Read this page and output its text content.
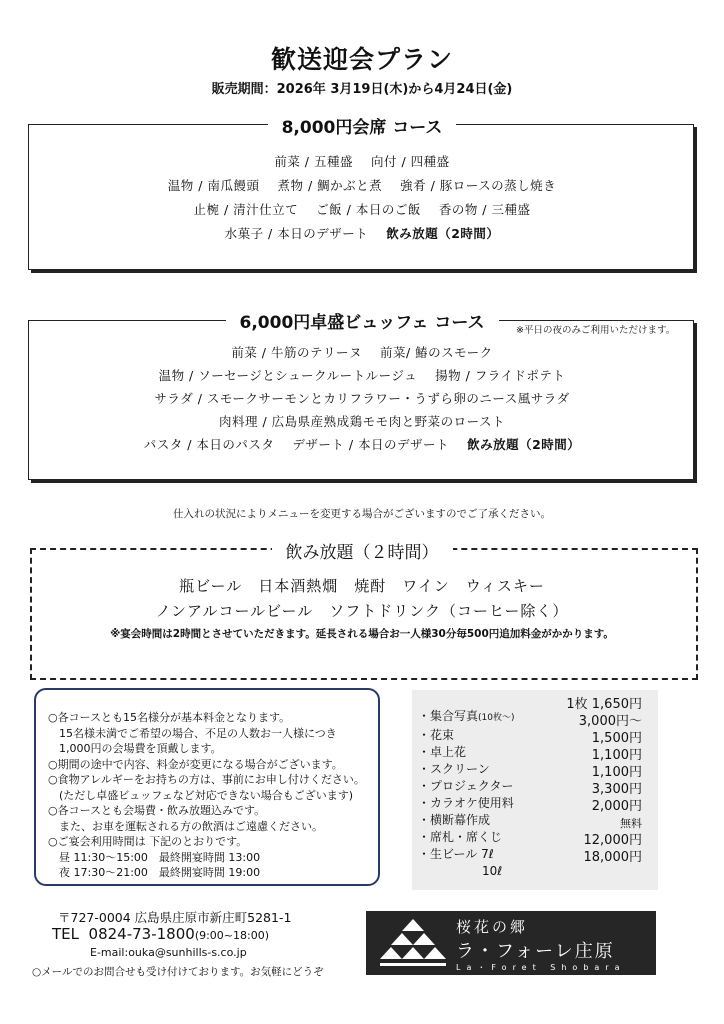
歓送迎会プラン
販売期間：2026年 3月19日(木)から4月24日(金)
8,000円会席 コース
前菜 / 五種盛 向付 / 四種盛
温物 / 南瓜饅頭 煮物 / 鯛かぶと煮 強肴 / 豚ロースの蒸し焼き
止椀 / 清汁仕立て ご飯 / 本日のご飯 香の物 / 三種盛
水菓子 / 本日のデザート 飲み放題（2時間）
6,000円卓盛ビュッフェ コース	※平日の夜のみご利用いただけます。
前菜 / 牛筋のテリーヌ 前菜/ 鰆のスモーク
温物 / ソーセージとシュークルートルージュ 揚物 / フライドポテト
サラダ / スモークサーモンとカリフラワー・うずら卵のニース風サラダ
肉料理 / 広島県産熟成鶏モモ肉と野菜のロースト
パスタ / 本日のパスタ デザート / 本日のデザート 飲み放題（2時間）
仕入れの状況によりメニューを変更する場合がございますのでご了承ください。
飲み放題（２時間）
瓶ビール　日本酒熱燗　焼酎　ワイン　ウィスキー
ノンアルコールビール　ソフトドリンク（コーヒー除く）
※宴会時間は2時間とさせていただきます。延長される場合お一人様30分毎500円追加料金がかかります。
○各コースとも15名様分が基本料金となります。
　15名様未満でご希望の場合、不足の人数お一人様につき
　1,000円の会場費を頂戴します。
○期間の途中で内容、料金が変更になる場合がございます。
○食物アレルギーをお持ちの方は、事前にお申し付けください。
　(ただし卓盛ビュッフェなど対応できない場合もございます)
○各コースとも会場費・飲み放題込みです。
　また、お車を運転される方の飲酒はご遠慮ください。
○ご宴会利用時間は 下記のとおりです。
　昼 11:30～15:00　最終開宴時間 13:00
　夜 17:30～21:00　最終開宴時間 19:00
・集合写真(10枚～)
・花束
・卓上花
・スクリーン
・プロジェクター
・カラオケ使用料
・横断幕作成
・席札・席くじ
・生ビール 7ℓ
10ℓ
1枚 1,650円
3,000円～
1,500円
1,100円
1,100円
3,300円
2,000円
無料
12,000円
18,000円
〒727-0004 広島県庄原市新庄町5281-1
TEL 0824-73-1800(9:00~18:00)
E-mail:ouka@sunhills-s.co.jp
○メールでのお問合せも受け付けております。お気軽にどうぞ
桜花の郷
ラ・フォーレ庄原
La・Foret Shobara
